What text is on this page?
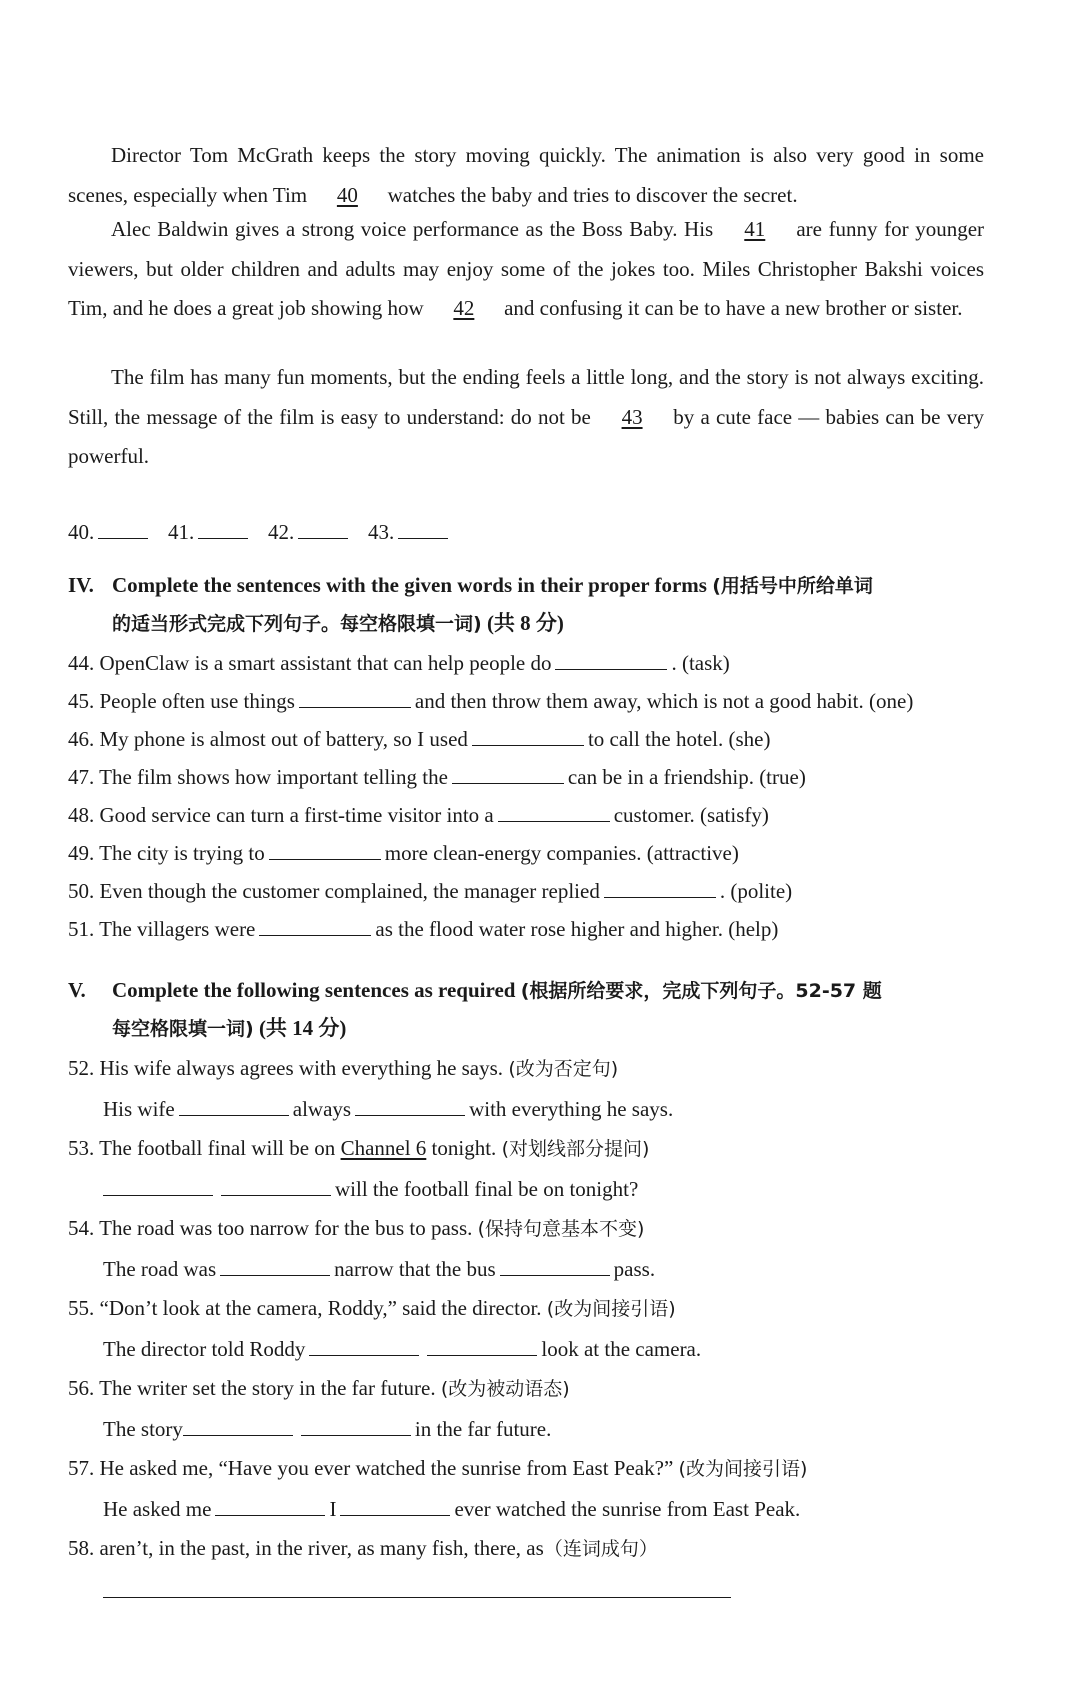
Director Tom McGrath keeps the story moving quickly. The animation is also very good in some scenes, especially when Tim 40 watches the baby and tries to discover the secret.

Alec Baldwin gives a strong voice performance as the Boss Baby. His 41 are funny for younger viewers, but older children and adults may enjoy some of the jokes too. Miles Christopher Bakshi voices Tim, and he does a great job showing how 42 and confusing it can be to have a new brother or sister.

The film has many fun moments, but the ending feels a little long, and the story is not always exciting. Still, the message of the film is easy to understand: do not be 43 by a cute face — babies can be very powerful.

40.	41.	42.	43.

IV. Complete the sentences with the given words in their proper forms (用括号中所给单词
的适当形式完成下列句子。每空格限填一词) (共 8 分)

44. OpenClaw is a smart assistant that can help people do	. (task)

45. People often use things	and then throw them away, which is not a good habit. (one)

46. My phone is almost out of battery, so I used	to call the hotel. (she)

47. The film shows how important telling the	can be in a friendship. (true)

48. Good service can turn a first-time visitor into a	customer. (satisfy)

49. The city is trying to	more clean-energy companies. (attractive)

50. Even though the customer complained, the manager replied	. (polite)

51. The villagers were	as the flood water rose higher and higher. (help)

V. Complete the following sentences as required (根据所给要求，完成下列句子。52-57 题
每空格限填一词) (共 14 分)

52. His wife always agrees with everything he says. (改为否定句)

His wife	always	with everything he says.

53. The football final will be on Channel 6 tonight. (对划线部分提问)

will the football final be on tonight?

54. The road was too narrow for the bus to pass. (保持句意基本不变)

The road was	narrow that the bus	pass.

55. “Don’t look at the camera, Roddy,” said the director. (改为间接引语)

The director told Roddy	look at the camera.

56. The writer set the story in the far future. (改为被动语态)

The story	in the far future.

57. He asked me, “Have you ever watched the sunrise from East Peak?” (改为间接引语)

He asked me	I	ever watched the sunrise from East Peak.

58. aren’t, in the past, in the river, as many fish, there, as（连词成句）
